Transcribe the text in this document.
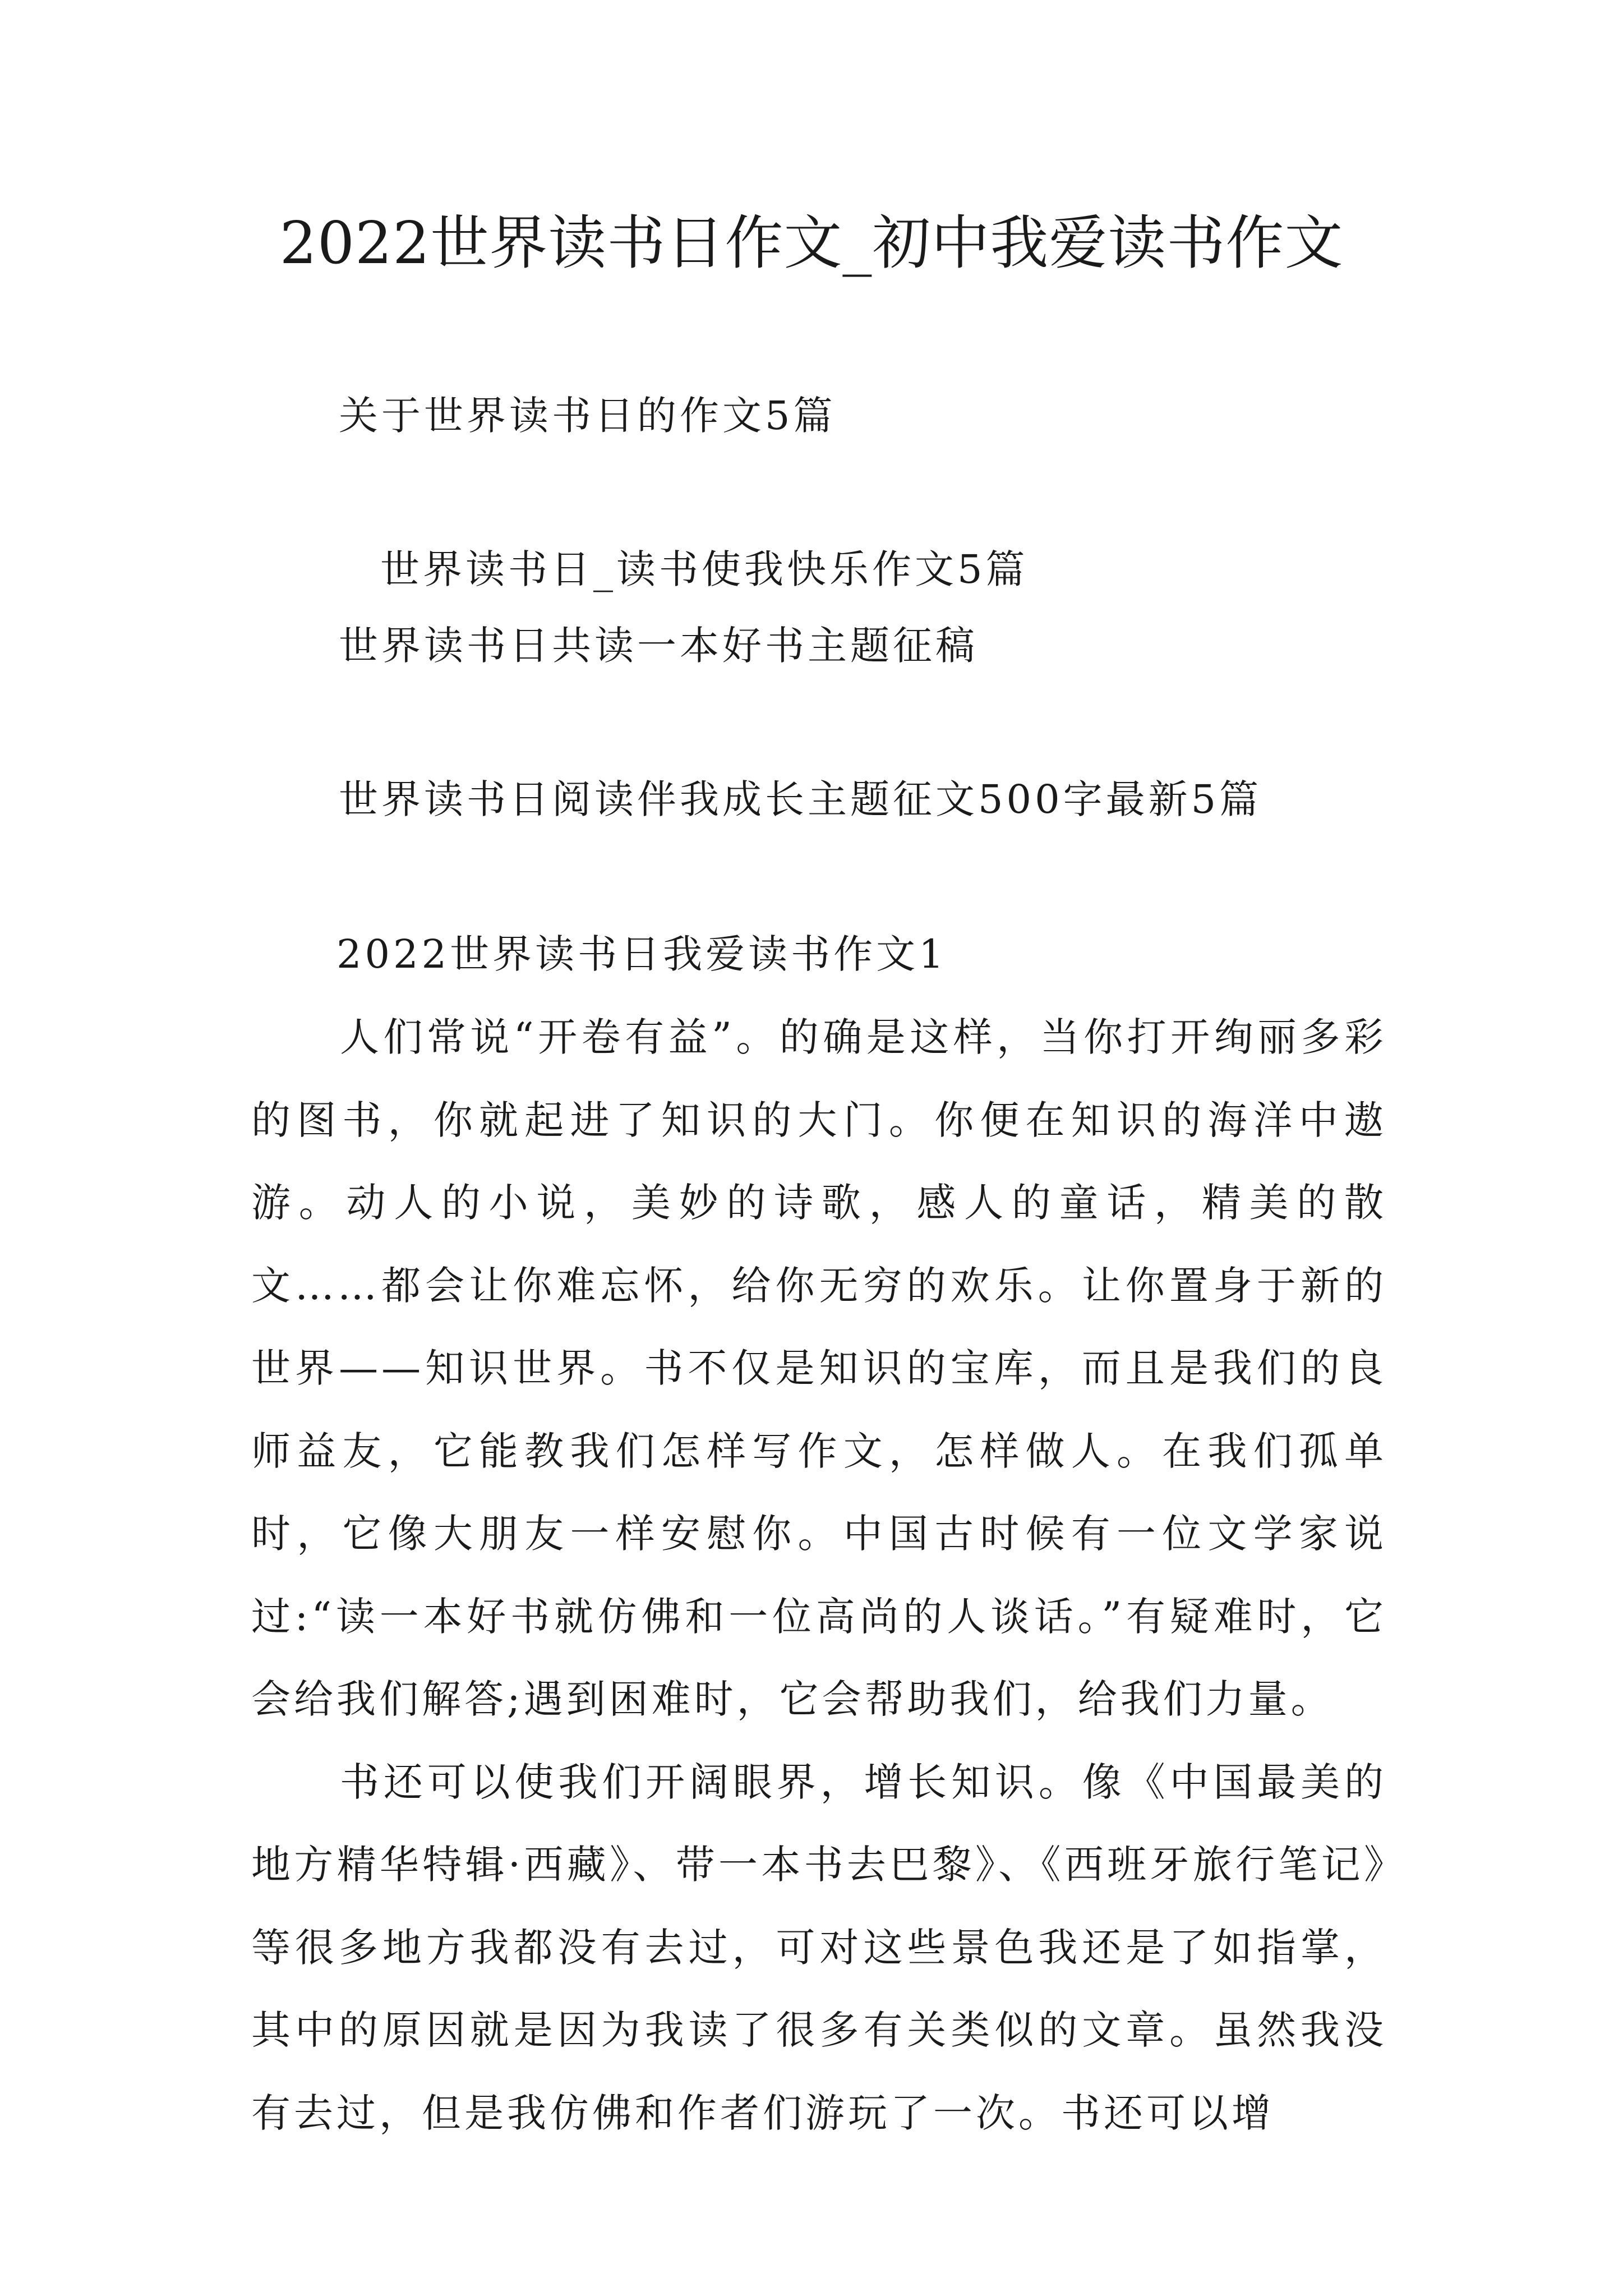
2022世界读书日作文_初中我爱读书作文

关于世界读书日的作文5篇

世界读书日_读书使我快乐作文5篇

世界读书日共读一本好书主题征稿

世界读书日阅读伴我成长主题征文500字最新5篇

2022世界读书日我爱读书作文1

人们常说“开卷有益”。的确是这样，当你打开绚丽多彩的图书，你就起进了知识的大门。你便在知识的海洋中遨游。动人的小说，美妙的诗歌，感人的童话，精美的散文……都会让你难忘怀，给你无穷的欢乐。让你置身于新的世界——知识世界。书不仅是知识的宝库，而且是我们的良师益友，它能教我们怎样写作文，怎样做人。在我们孤单时，它像大朋友一样安慰你。中国古时候有一位文学家说过:“读一本好书就仿佛和一位高尚的人谈话。”有疑难时，它会给我们解答;遇到困难时，它会帮助我们，给我们力量。

书还可以使我们开阔眼界，增长知识。像《中国最美的地方精华特辑·西藏》、带一本书去巴黎》、《西班牙旅行笔记》等很多地方我都没有去过，可对这些景色我还是了如指掌，其中的原因就是因为我读了很多有关类似的文章。虽然我没有去过，但是我仿佛和作者们游玩了一次。书还可以增
